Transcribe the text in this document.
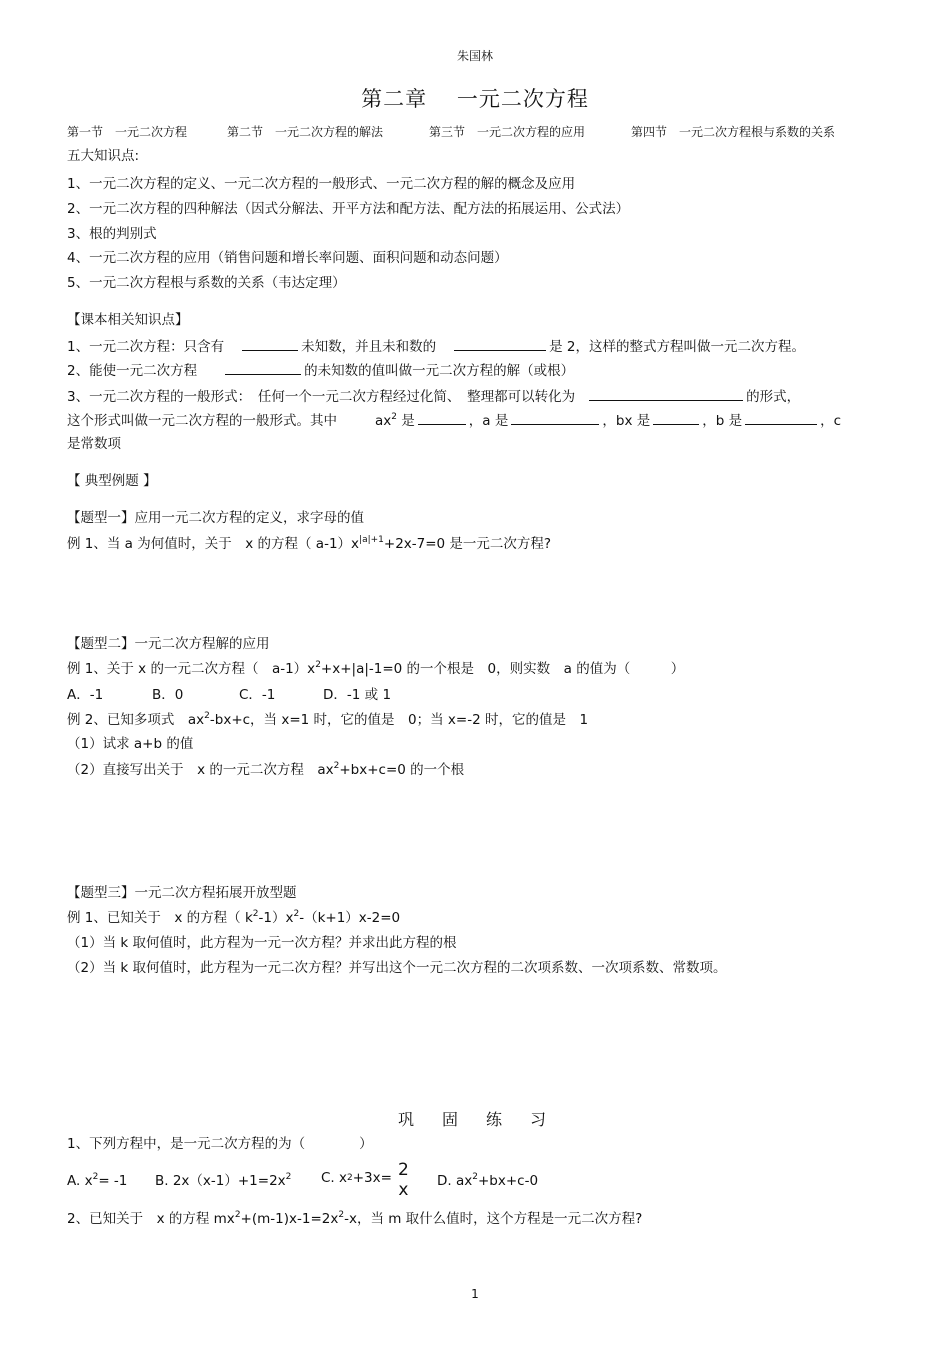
朱国林
第二章　 一元二次方程
第一节　一元二次方程	第二节　一元二次方程的解法	第三节　一元二次方程的应用	第四节　一元二次方程根与系数的关系
五大知识点:
1、一元二次方程的定义、一元二次方程的一般形式、一元二次方程的解的概念及应用
2、一元二次方程的四种解法（因式分解法、开平方法和配方法、配方法的拓展运用、公式法）
3、根的判别式
4、一元二次方程的应用（销售问题和增长率问题、面积问题和动态问题）
5、一元二次方程根与系数的关系（韦达定理）
【课本相关知识点】
1、一元二次方程：只含有	未知数，并且未和数的	是 2，这样的整式方程叫做一元二次方程。
2、能使一元二次方程	的未知数的值叫做一元二次方程的解（或根）
3、一元二次方程的一般形式：　任何一个一元二次方程经过化简、　整理都可以转化为	的形式，
这个形式叫做一元二次方程的一般形式。其中	$ax^2$ 是	，a 是	，bx 是	，b 是	，c
是常数项
【 典型例题 】
【题型一】应用一元二次方程的定义，求字母的值
例 1、当 a 为何值时，关于　x 的方程（ $a-1)x^{|a|+1}+2x-7=0$ 是一元二次方程?
【题型二】一元二次方程解的应用
例 1、关于 x 的一元二次方程（　$a-1)x^2+x+|a|-1=0$ 的一个根是　0，则实数　a 的值为（　　　）
A．-1	B．0	C．-1	D．-1 或 1
例 2、已知多项式　$ax^2-bx+c$，当 x=1 时，它的值是　0；当 x=-2 时，它的值是　1
（1）试求 a+b 的值
（2）直接写出关于　x 的一元二次方程　$ax^2+bx+c=0$ 的一个根
【题型三】一元二次方程拓展开放型题
例 1、已知关于　x 的方程（ $k^2-1)x^2-(k+1)x-2=0$
（1）当 k 取何值时，此方程为一元一次方程？并求出此方程的根
（2）当 k 取何值时，此方程为一元二次方程？并写出这个一元二次方程的二次项系数、一次项系数、常数项。
巩　固　练　习
1、下列方程中，是一元二次方程的为（　　　　）
A. $x^2= -1$ B. $2x(x-1)+1=2x^2$ C. $x^2+3x= 2$
x D. $ax^2+bx+c-0$
2、已知关于　x 的方程 $mx^2+(m-1)x-1=2x^2-x$，当 m 取什么值时，这个方程是一元二次方程?
1
